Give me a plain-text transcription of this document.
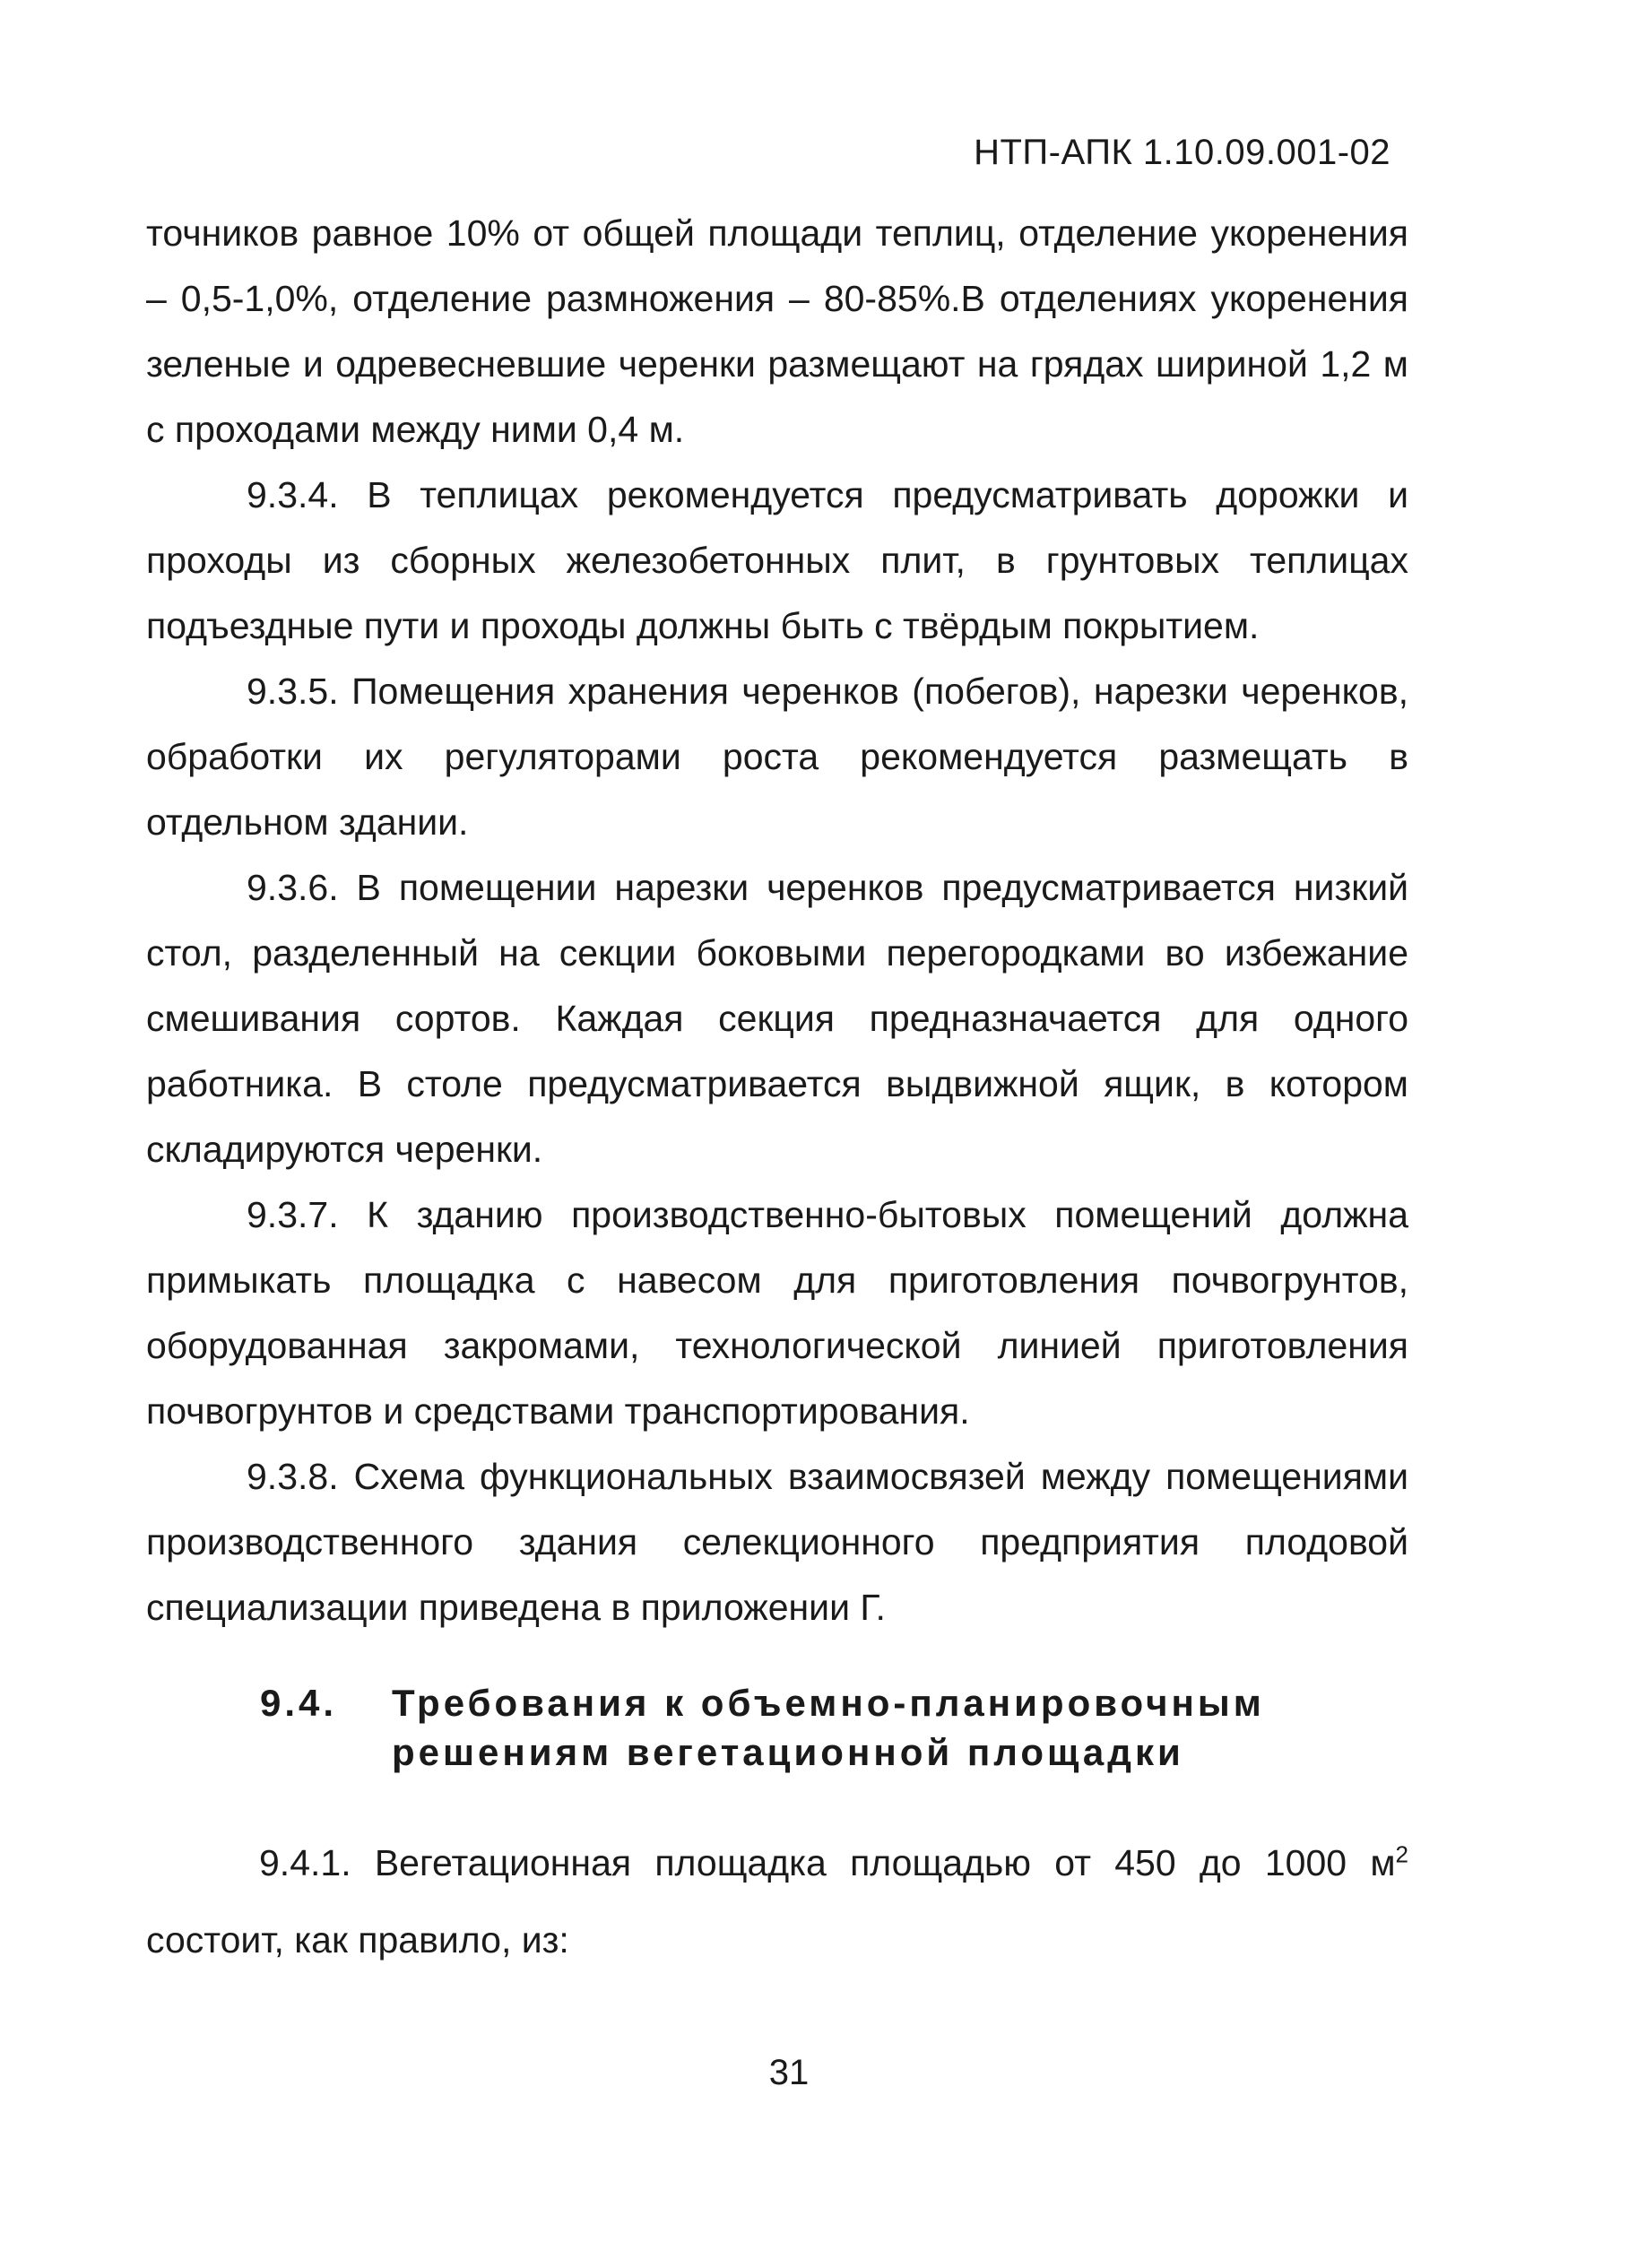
НТП-АПК 1.10.09.001-02

точников равное 10% от общей площади теплиц, отделение укоренения – 0,5-1,0%, отделение размножения – 80-85%.В отделениях укоренения зеленые и одревесневшие черенки размещают на грядах шириной 1,2 м с проходами между ними 0,4 м.

9.3.4. В теплицах рекомендуется предусматривать дорожки и проходы из сборных железобетонных плит, в грунтовых теплицах подъездные пути и проходы должны быть с твёрдым покрытием.

9.3.5. Помещения хранения черенков (побегов), нарезки черенков, обработки их регуляторами роста рекомендуется размещать в отдельном здании.

9.3.6. В помещении нарезки черенков предусматривается низкий стол, разделенный на секции боковыми перегородками во избежание смешивания сортов. Каждая секция предназначается для одного работника. В столе предусматривается выдвижной ящик, в котором складируются черенки.

9.3.7. К зданию производственно-бытовых помещений должна примыкать площадка с навесом для приготовления почвогрунтов, оборудованная закромами, технологической линией приготовления почвогрунтов и средствами транспортирования.

9.3.8. Схема функциональных взаимосвязей между помещениями производственного здания селекционного предприятия плодовой специализации приведена в приложении Г.

9.4. Требования к объемно-планировочным
решениям вегетационной площадки

9.4.1. Вегетационная площадка площадью от 450 до 1000 $м^2$ состоит, как правило, из:

31
